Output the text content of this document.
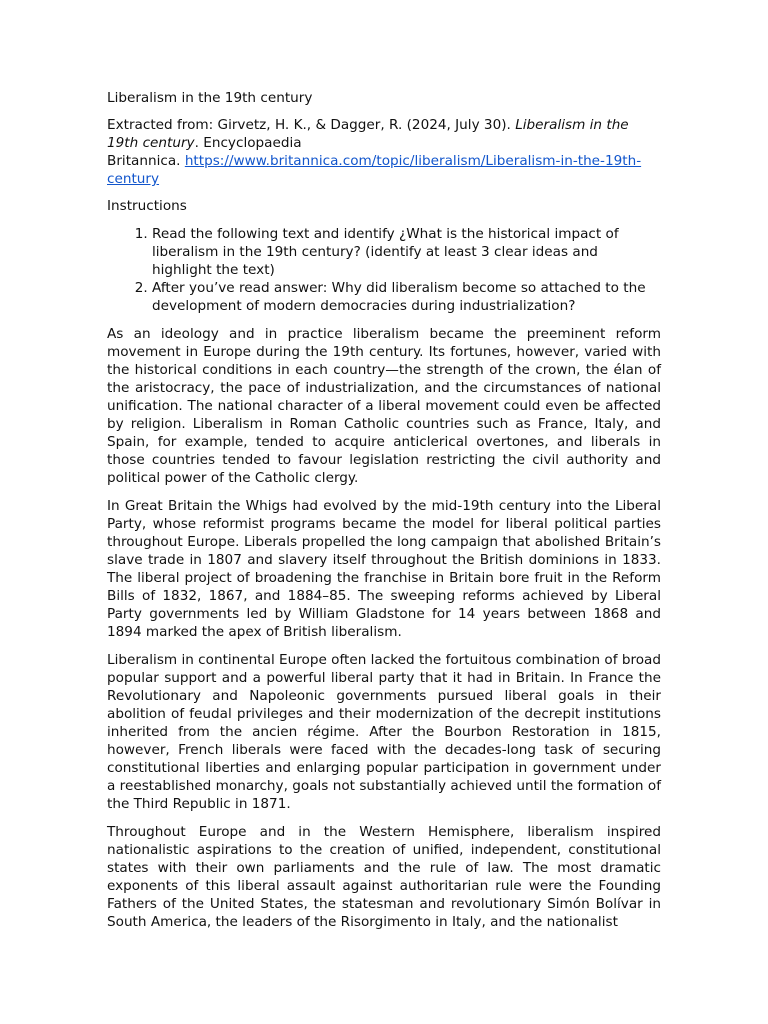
Liberalism in the 19th century

Extracted from: Girvetz, H. K., & Dagger, R. (2024, July 30). Liberalism in the 19th century. Encyclopaedia
Britannica. https://www.britannica.com/topic/liberalism/Liberalism-in-the-19th-century

Instructions

1. Read the following text and identify ¿What is the historical impact of liberalism in the 19th century? (identify at least 3 clear ideas and highlight the text)
2. After you’ve read answer: Why did liberalism become so attached to the development of modern democracies during industrialization?

As an ideology and in practice liberalism became the preeminent reform movement in Europe during the 19th century. Its fortunes, however, varied with the historical conditions in each country—the strength of the crown, the élan of the aristocracy, the pace of industrialization, and the circumstances of national unification. The national character of a liberal movement could even be affected by religion. Liberalism in Roman Catholic countries such as France, Italy, and Spain, for example, tended to acquire anticlerical overtones, and liberals in those countries tended to favour legislation restricting the civil authority and political power of the Catholic clergy.

In Great Britain the Whigs had evolved by the mid-19th century into the Liberal Party, whose reformist programs became the model for liberal political parties throughout Europe. Liberals propelled the long campaign that abolished Britain’s slave trade in 1807 and slavery itself throughout the British dominions in 1833. The liberal project of broadening the franchise in Britain bore fruit in the Reform Bills of 1832, 1867, and 1884–85. The sweeping reforms achieved by Liberal Party governments led by William Gladstone for 14 years between 1868 and 1894 marked the apex of British liberalism.

Liberalism in continental Europe often lacked the fortuitous combination of broad popular support and a powerful liberal party that it had in Britain. In France the Revolutionary and Napoleonic governments pursued liberal goals in their abolition of feudal privileges and their modernization of the decrepit institutions inherited from the ancien régime. After the Bourbon Restoration in 1815, however, French liberals were faced with the decades-long task of securing constitutional liberties and enlarging popular participation in government under a reestablished monarchy, goals not substantially achieved until the formation of the Third Republic in 1871.

Throughout Europe and in the Western Hemisphere, liberalism inspired nationalistic aspirations to the creation of unified, independent, constitutional states with their own parliaments and the rule of law. The most dramatic exponents of this liberal assault against authoritarian rule were the Founding Fathers of the United States, the statesman and revolutionary Simón Bolívar in South America, the leaders of the Risorgimento in Italy, and the nationalist
